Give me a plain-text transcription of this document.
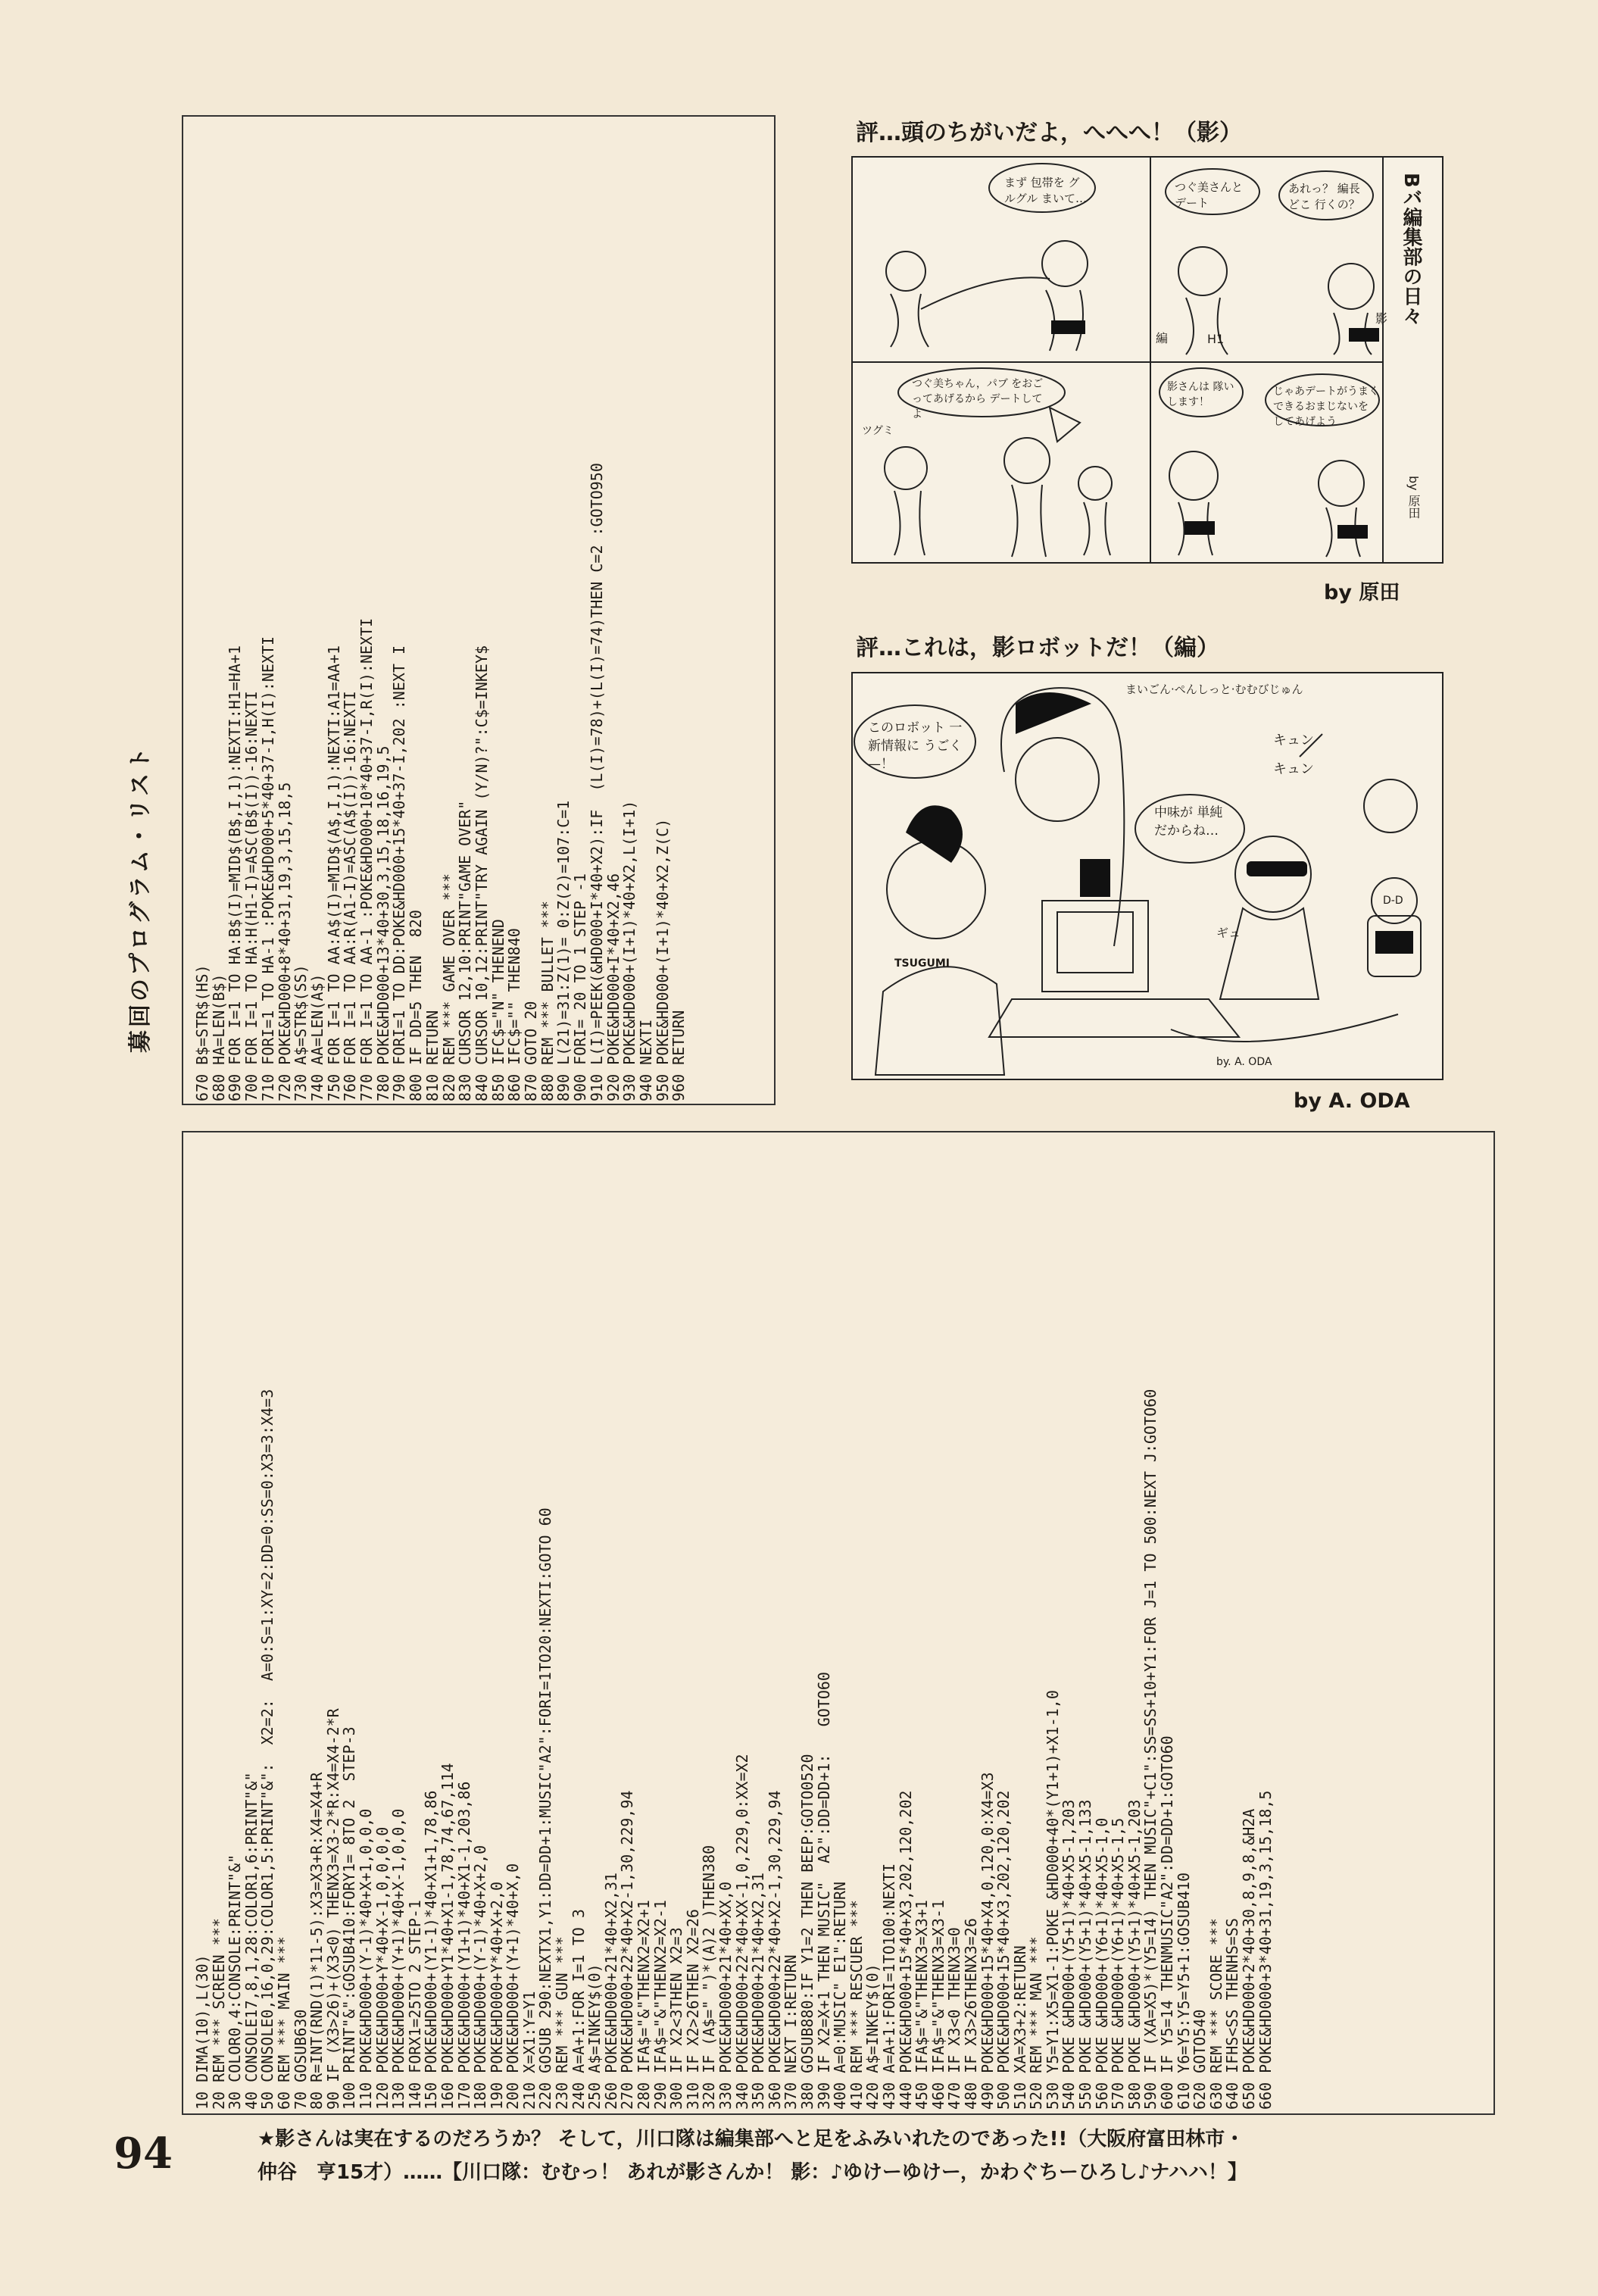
募回のプログラム・リスト	670 B$=STR$(HS)
680 HA=LEN(B$)
690 FOR I=1 TO HA:B$(I)=MID$(B$,I,1):NEXTI:H1=HA+1
700 FOR I=1 TO HA:H(H1-I)=ASC(B$(I))-16:NEXTI
710 FORI=1 TO HA-1 :POKE&HD000+5*40+37-I,H(I):NEXTI
720 POKE&HD000+8*40+31,19,3,15,18,5
730 A$=STR$(SS)
740 AA=LEN(A$)
750 FOR I=1 TO AA:A$(I)=MID$(A$,I,1):NEXTI:A1=AA+1
760 FOR I=1 TO AA:R(A1-I)=ASC(A$(I))-16:NEXTI
770 FOR I=1 TO AA-1 :POKE&HD000+10*40+37-I,R(I):NEXTI
780 POKE&HD000+13*40+30,3,15,18,16,19,5
790 FORI=1 TO DD:POKE&HD000+15*40+37-I,202 :NEXT I
800 IF DD=5 THEN  820
810 RETURN
820 REM *** GAME OVER ***
830 CURSOR 12,10:PRINT"GAME OVER"
840 CURSOR 10,12:PRINT"TRY AGAIN (Y/N)?":C$=INKEY$
850 IFC$="N" THENEND
860 IFC$="" THEN840
870 GOTO 20
880 REM *** BULLET ***
890 L(21)=31:Z(1)= 0:Z(2)=107:C=1
900 FORI= 20 TO 1 STEP -1
910 L(I)=PEEK(&HD000+I*40+X2):IF  (L(I)=78)+(L(I)=74)THEN C=2 :GOTO950
920 POKE&HD000+I*40+X2,46
930 POKE&HD000+(I+1)*40+X2,L(I+1)
940 NEXTI
950 POKE&HD000+(I+1)*40+X2,Z(C)
960 RETURN
10 DIMA(10),L(30)
20 REM *** SCREEN ***
30 COLOR0,4:CONSOLE:PRINT"&"
40 CONSOLE17,8,1,28:COLOR1,6:PRINT"&"
50 CONSOLE0,16,0,29:COLOR1,5:PRINT"&":  X2=2:  A=0:S=1:XY=2:DD=0:SS=0:X3=3:X4=3
60 REM *** MAIN ***
70 GOSUB630
80 R=INT(RND(1)*11-5):X3=X3+R:X4=X4+R
90 IF (X3>26)+(X3<0) THENX3=X3-2*R:X4=X4-2*R
100 PRINT"&":GOSUB410:FORY1= 8TO 2  STEP-3
110 POKE&HD000+(Y-1)*40+X+1,0,0,0
120 POKE&HD000+Y*40+X-1,0,0,0,0
130 POKE&HD000+(Y+1)*40+X-1,0,0,0
140 FORX1=25TO 2 STEP-1
150 POKE&HD000+(Y1-1)*40+X1+1,78,86
160 POKE&HD000+Y1*40+X1-1,78,74,67,114
170 POKE&HD000+(Y1+1)*40+X1-1,203,86
180 POKE&HD000+(Y-1)*40+X+2,0
190 POKE&HD000+Y*40+X+2,0
200 POKE&HD000+(Y+1)*40+X,0
210 X=X1:Y=Y1
220 GOSUB 290:NEXTX1,Y1:DD=DD+1:MUSIC"A2":FORI=1TO20:NEXTI:GOTO 60
230 REM *** GUN ***
240 A=A+1:FOR I=1 TO 3
250 A$=INKEY$(0)
260 POKE&HD000+21*40+X2,31
270 POKE&HD000+22*40+X2-1,30,229,94
280 IFA$="&"THENX2=X2+1
290 IFA$="&"THENX2=X2-1
300 IF X2<3THEN X2=3
310 IF X2>26THEN X2=26
320 IF (A$=" ")*(A)2 )THEN380
330 POKE&HD000+21*40+XX,0
340 POKE&HD000+22*40+XX-1,0,229,0:XX=X2
350 POKE&HD000+21*40+X2,31
360 POKE&HD000+22*40+X2-1,30,229,94
370 NEXT I:RETURN
380 GOSUB880:IF Y1=2 THEN BEEP:GOTO0520
390 IF X2=X+1 THEN MUSIC"  A2":DD=DD+1:   GOTO60
400 A=0:MUSIC" E1":RETURN
410 REM *** RESCUER ***
420 A$=INKEY$(0)
430 A=A+1:FORI=1TO100:NEXTI
440 POKE&HD000+15*40+X3,202,120,202
450 IFA$="&"THENX3=X3+1
460 IFA$="&"THENX3=X3-1
470 IF X3<0 THENX3=0
480 IF X3>26THENX3=26
490 POKE&HD000+15*40+X4,0,120,0:X4=X3
500 POKE&HD000+15*40+X3,202,120,202
510 XA=X3+2:RETURN
520 REM *** MAN ***
530 Y5=Y1:X5=X1-1:POKE &HD000+40*(Y1+1)+X1-1,0
540 POKE &HD000+(Y5+1)*40+X5-1,203
550 POKE &HD000+(Y5+1)*40+X5-1,133
560 POKE &HD000+(Y6+1)*40+X5-1,0
570 POKE &HD000+(Y6+1)*40+X5-1,5
580 POKE &HD000+(Y5+1)*40+X5-1,203
590 IF (XA=X5)*(Y5=14) THEN MUSIC"+C1":SS=SS+10+Y1:FOR J=1 TO 500:NEXT J:GOTO60
600 IF Y5=14 THENMUSIC"A2":DD=DD+1:GOTO60
610 Y6=Y5:Y5=Y5+1:GOSUB410
620 GOTO540
630 REM *** SCORE ***
640 IFHS<SS THENHS=SS
650 POKE&HD000+2*40+30,8,9,8,&H2A
660 POKE&HD000+3*40+31,19,3,15,18,5
評…頭のちがいだよ，へへへ！（影）
まず 包帯を グルグル まいて…
つぐ美さんと デート
あれっ？ 編長 どこ 行くの？
つぐ美ちゃん，パブ をおごってあげるから デートしてよ
影さんは 隊いします！
じゃあデートがうまくできるおまじないを してあげよう
H1
影
編
ツグミ
Bバ編集部の日々
by 原田
by 原田
評…これは，影ロボットだ！（編）
このロボット 一新情報に うごく—！
中味が 単純 だからね…
キュンキュン
ギュ
まいごん·ぺんしっと·むむびじゅん
TSUGUMI
D-D
by. A. ODA
by A. ODA
94	★影さんは実在するのだろうか？ そして，川口隊は編集部へと足をふみいれたのであった!!（大阪府富田林市・
仲谷　亨15才）……【川口隊：むむっ！ あれが影さんか！ 影：♪ゆけーゆけー，かわぐちーひろし♪ナハハ！】
